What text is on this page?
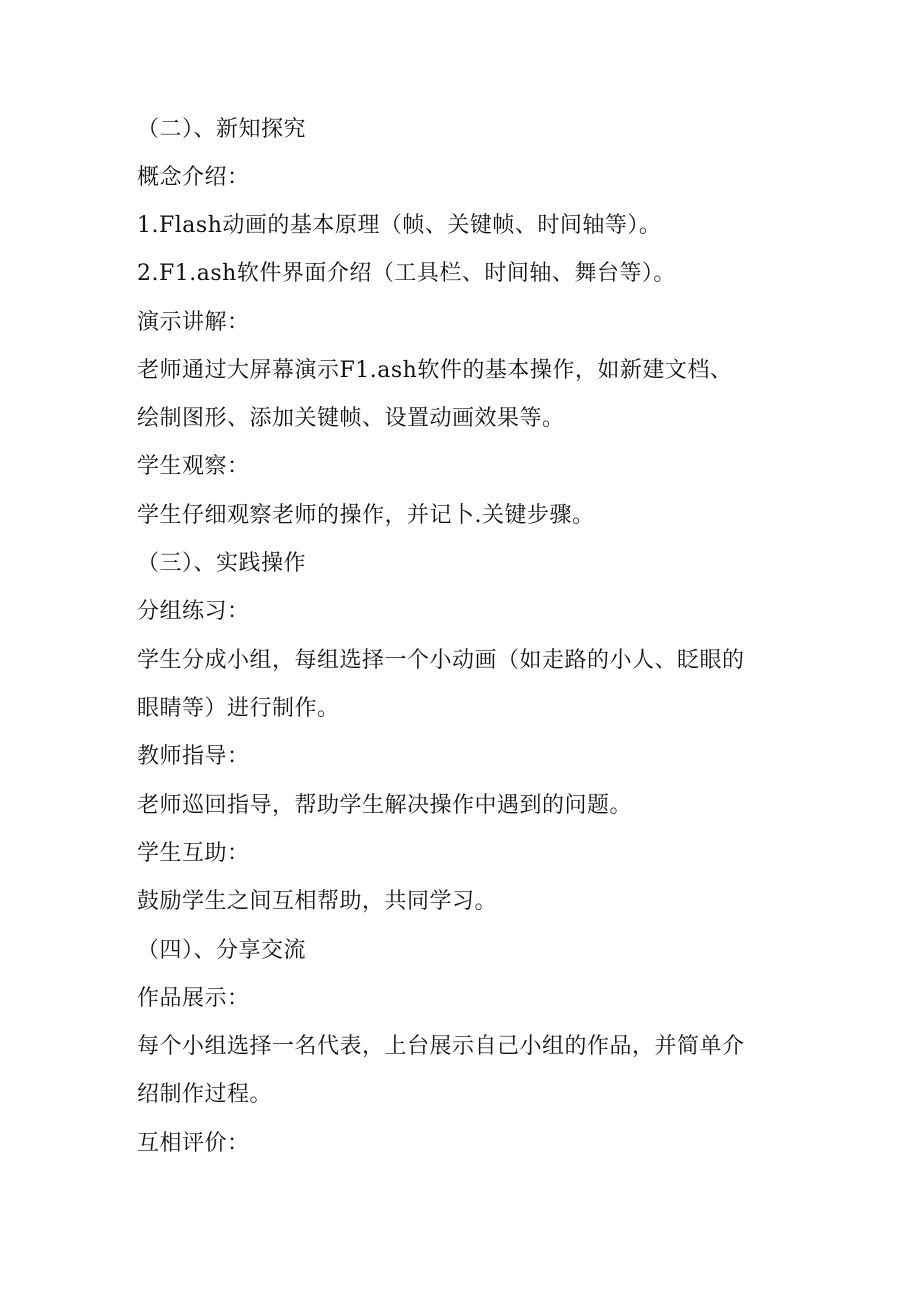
（二）、新知探究
概念介绍：
1.Flash动画的基本原理（帧、关键帧、时间轴等）。
2.F1.ash软件界面介绍（工具栏、时间轴、舞台等）。
演示讲解：
老师通过大屏幕演示F1.ash软件的基本操作，如新建文档、
绘制图形、添加关键帧、设置动画效果等。
学生观察：
学生仔细观察老师的操作，并记卜.关键步骤。
（三）、实践操作
分组练习：
学生分成小组，每组选择一个小动画（如走路的小人、眨眼的
眼睛等）进行制作。
教师指导：
老师巡回指导，帮助学生解决操作中遇到的问题。
学生互助：
鼓励学生之间互相帮助，共同学习。
（四）、分享交流
作品展示：
每个小组选择一名代表，上台展示自己小组的作品，并简单介
绍制作过程。
互相评价：
